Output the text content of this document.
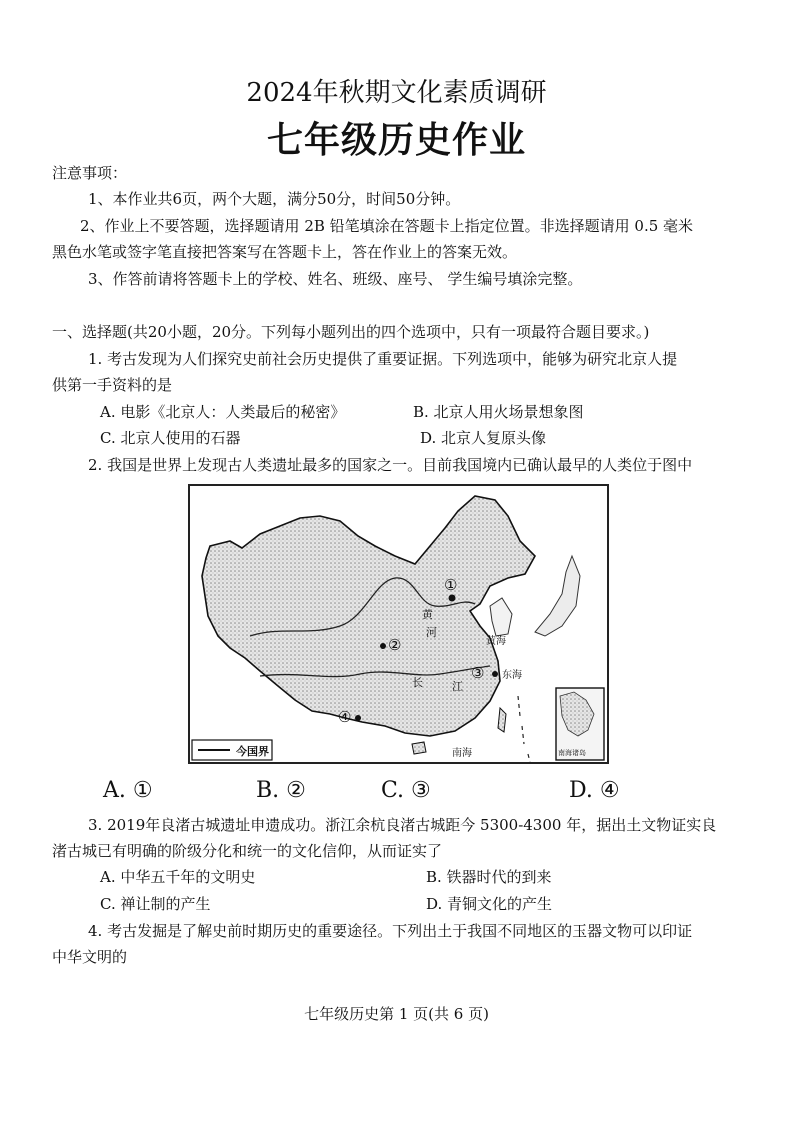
2024年秋期文化素质调研
七年级历史作业
注意事项：
1、本作业共6页，两个大题，满分50分，时间50分钟。
2、作业上不要答题，选择题请用 2B 铅笔填涂在答题卡上指定位置。非选择题请用 0.5 毫米
黑色水笔或签字笔直接把答案写在答题卡上，答在作业上的答案无效。
3、作答前请将答题卡上的学校、姓名、班级、座号、 学生编号填涂完整。
一、选择题(共20小题，20分。下列每小题列出的四个选项中，只有一项最符合题目要求。)
1. 考古发现为人们探究史前社会历史提供了重要证据。下列选项中，能够为研究北京人提
供第一手资料的是
A. 电影《北京人：人类最后的秘密》	B. 北京人用火场景想象图
C. 北京人使用的石器	D. 北京人复原头像
2. 我国是世界上发现古人类遗址最多的国家之一。目前我国境内已确认最早的人类位于图中
①
②
③
④
黄
河
黄海
东海
长	江
南海	南海诸岛
今国界
A. ①	B. ②	C. ③	D. ④
3. 2019年良渚古城遗址申遗成功。浙江余杭良渚古城距今 5300-4300 年，据出土文物证实良
渚古城已有明确的阶级分化和统一的文化信仰，从而证实了
A. 中华五千年的文明史	B. 铁器时代的到来
C. 禅让制的产生	D. 青铜文化的产生
4. 考古发掘是了解史前时期历史的重要途径。下列出土于我国不同地区的玉器文物可以印证
中华文明的
七年级历史第 1 页(共 6 页)
